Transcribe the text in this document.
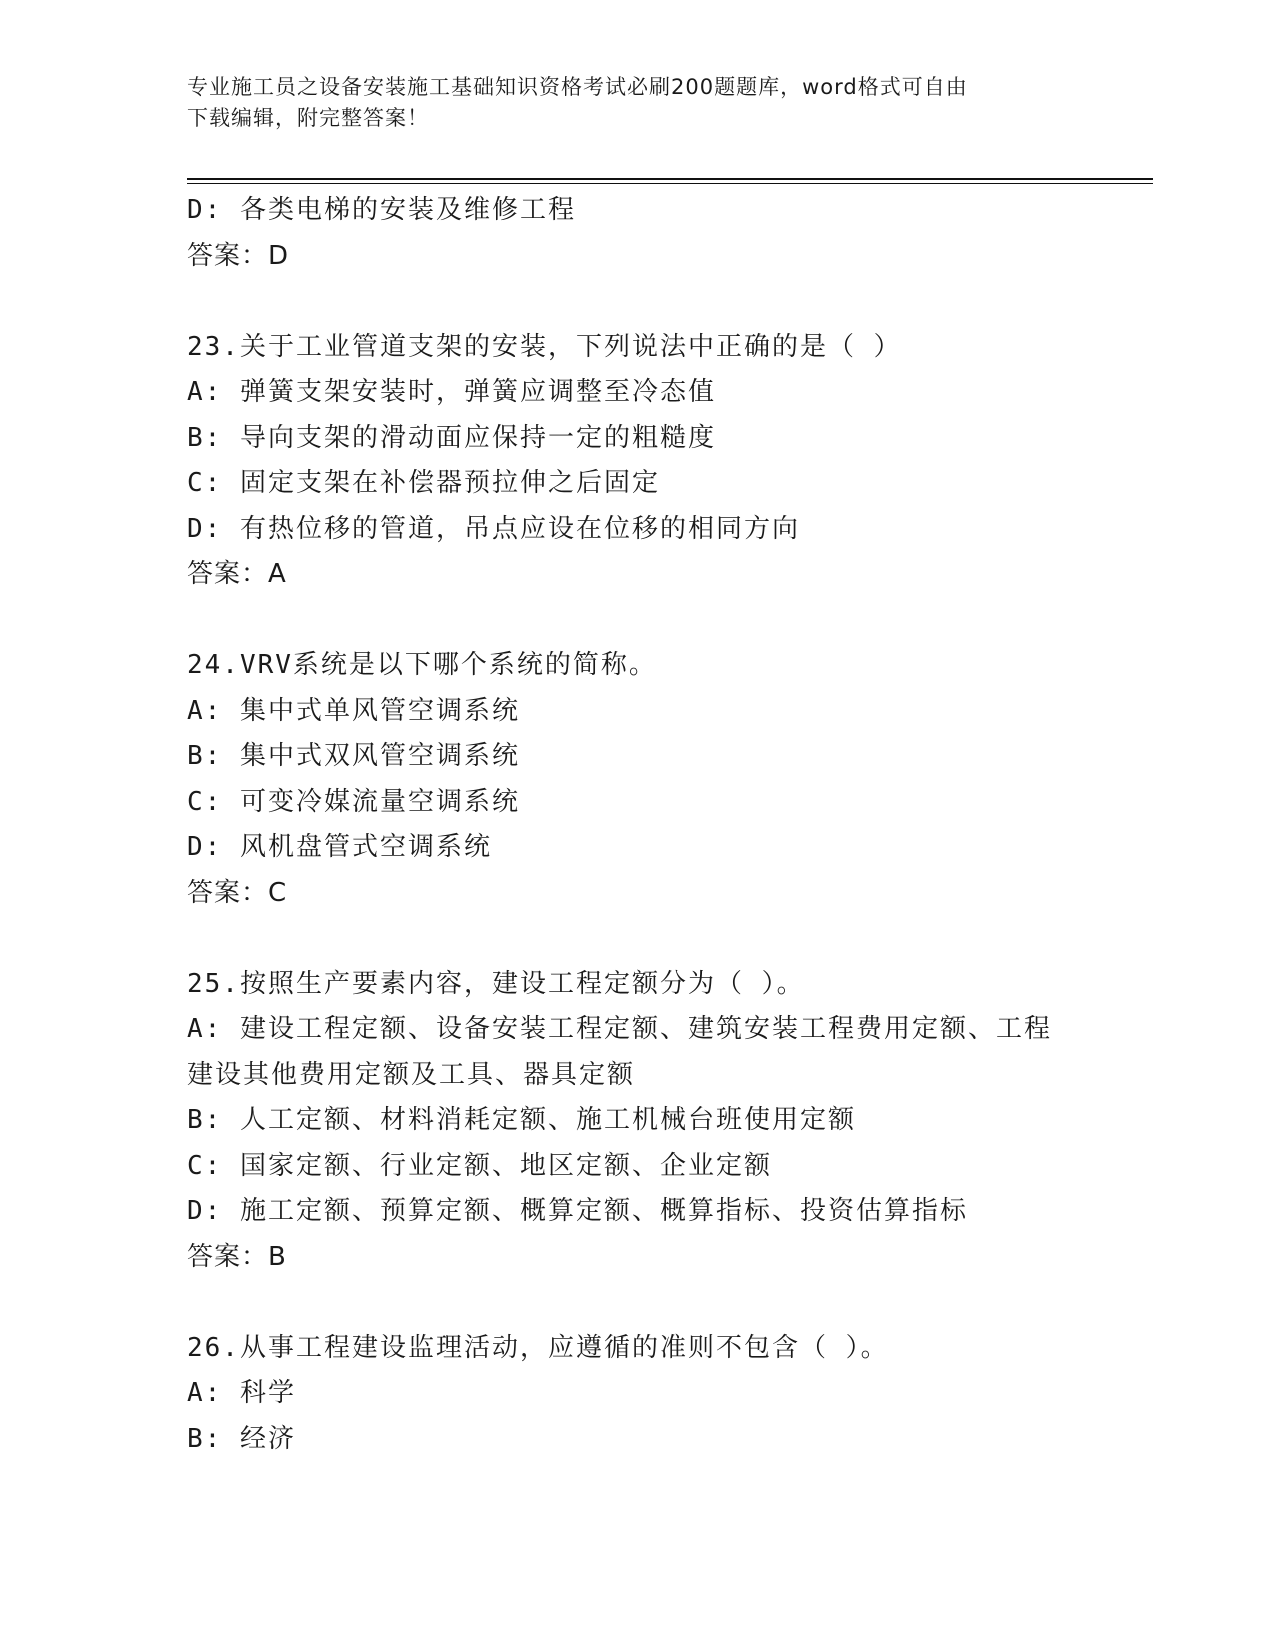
专业施工员之设备安装施工基础知识资格考试必刷200题题库，word格式可自由
下载编辑，附完整答案！
D: 各类电梯的安装及维修工程
答案：D
23.关于工业管道支架的安装，下列说法中正确的是（ ）
A: 弹簧支架安装时，弹簧应调整至冷态值
B: 导向支架的滑动面应保持一定的粗糙度
C: 固定支架在补偿器预拉伸之后固定
D: 有热位移的管道，吊点应设在位移的相同方向
答案：A
24.VRV系统是以下哪个系统的简称。
A: 集中式单风管空调系统
B: 集中式双风管空调系统
C: 可变冷媒流量空调系统
D: 风机盘管式空调系统
答案：C
25.按照生产要素内容，建设工程定额分为（ ）。
A: 建设工程定额、设备安装工程定额、建筑安装工程费用定额、工程
建设其他费用定额及工具、器具定额
B: 人工定额、材料消耗定额、施工机械台班使用定额
C: 国家定额、行业定额、地区定额、企业定额
D: 施工定额、预算定额、概算定额、概算指标、投资估算指标
答案：B
26.从事工程建设监理活动，应遵循的准则不包含（ ）。
A: 科学
B: 经济
